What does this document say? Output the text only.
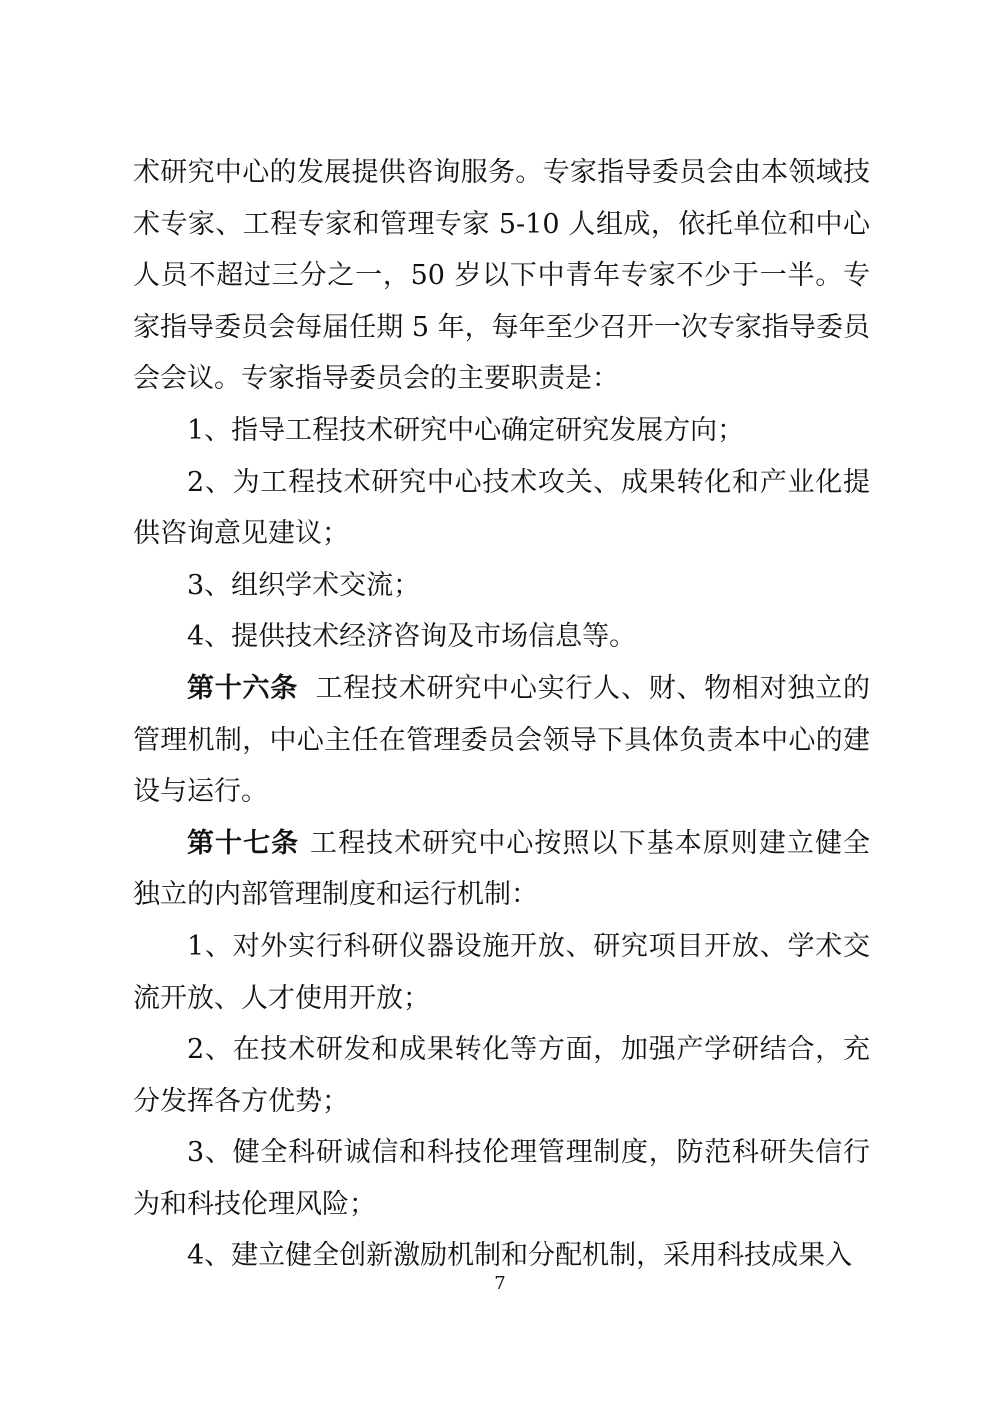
术研究中心的发展提供咨询服务。专家指导委员会由本领域技术专家、工程专家和管理专家 5-10 人组成，依托单位和中心人员不超过三分之一，50 岁以下中青年专家不少于一半。专家指导委员会每届任期 5 年，每年至少召开一次专家指导委员会会议。专家指导委员会的主要职责是：

1、指导工程技术研究中心确定研究发展方向；

2、为工程技术研究中心技术攻关、成果转化和产业化提供咨询意见建议；

3、组织学术交流；

4、提供技术经济咨询及市场信息等。

第十六条 工程技术研究中心实行人、财、物相对独立的管理机制，中心主任在管理委员会领导下具体负责本中心的建设与运行。

第十七条 工程技术研究中心按照以下基本原则建立健全独立的内部管理制度和运行机制：

1、对外实行科研仪器设施开放、研究项目开放、学术交流开放、人才使用开放；

2、在技术研发和成果转化等方面，加强产学研结合，充分发挥各方优势；

3、健全科研诚信和科技伦理管理制度，防范科研失信行为和科技伦理风险；

4、建立健全创新激励机制和分配机制，采用科技成果入

7
